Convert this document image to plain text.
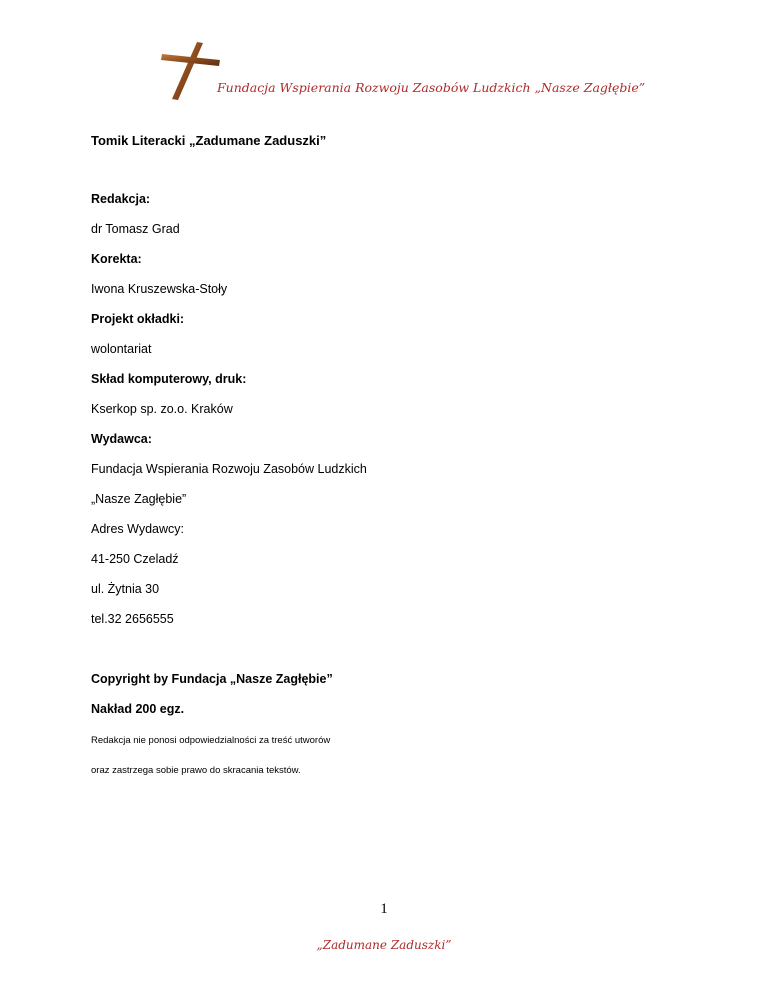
Fundacja Wspierania Rozwoju Zasobów Ludzkich „Nasze Zagłębie”
Tomik Literacki „Zadumane Zaduszki”
Redakcja:
dr Tomasz Grad
Korekta:
Iwona Kruszewska-Stoły
Projekt okładki:
wolontariat
Skład komputerowy, druk:
Kserkop sp. zo.o. Kraków
Wydawca:
Fundacja Wspierania Rozwoju Zasobów Ludzkich
„Nasze Zagłębie”
Adres Wydawcy:
41-250 Czeladź
ul. Żytnia 30
tel.32 2656555
Copyright by Fundacja „Nasze Zagłębie”
Nakład 200 egz.
Redakcja nie ponosi odpowiedzialności za treść utworów
oraz zastrzega sobie prawo do skracania tekstów.
1
„Zadumane Zaduszki”
